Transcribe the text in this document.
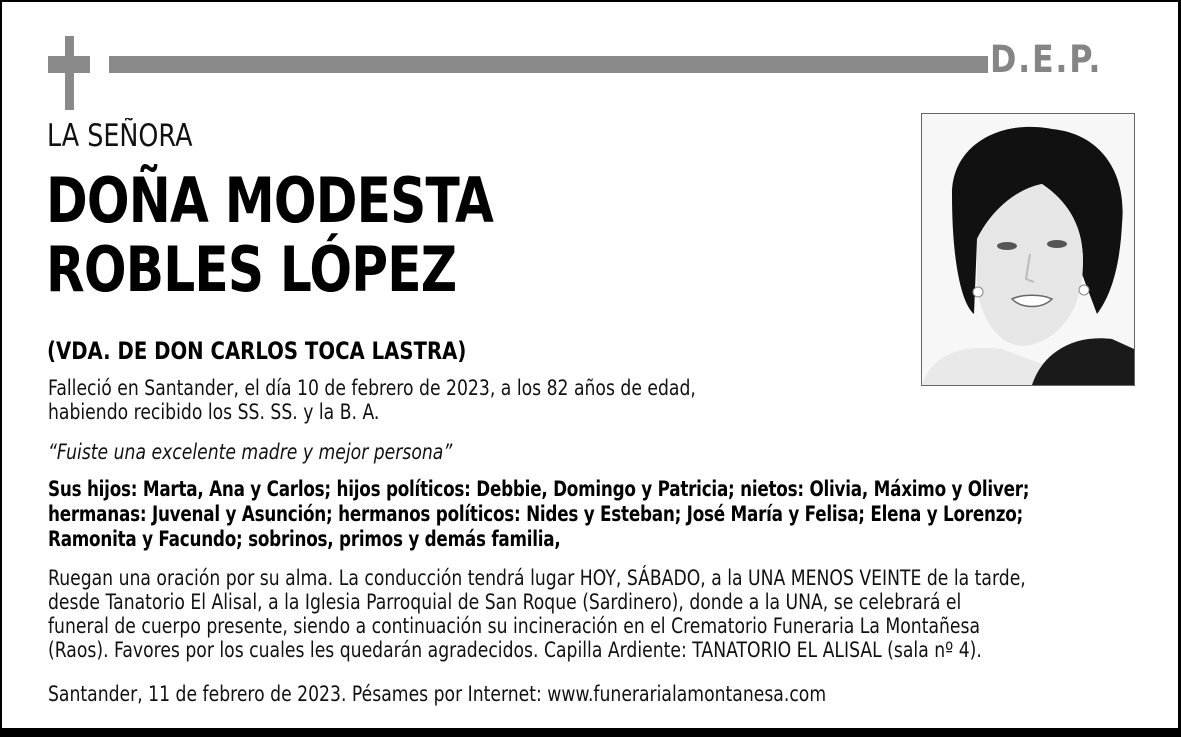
D.E.P.
LA SEÑORA
DOÑA MODESTA
ROBLES LÓPEZ
(VDA. DE DON CARLOS TOCA LASTRA)
Falleció en Santander, el día 10 de febrero de 2023, a los 82 años de edad,
habiendo recibido los SS. SS. y la B. A.
“Fuiste una excelente madre y mejor persona”
Sus hijos: Marta, Ana y Carlos; hijos políticos: Debbie, Domingo y Patricia; nietos: Olivia, Máximo y Oliver;
hermanas: Juvenal y Asunción; hermanos políticos: Nides y Esteban; José María y Felisa; Elena y Lorenzo;
Ramonita y Facundo; sobrinos, primos y demás familia,
Ruegan una oración por su alma. La conducción tendrá lugar HOY, SÁBADO, a la UNA MENOS VEINTE de la tarde,
desde Tanatorio El Alisal, a la Iglesia Parroquial de San Roque (Sardinero), donde a la UNA, se celebrará el
funeral de cuerpo presente, siendo a continuación su incineración en el Crematorio Funeraria La Montañesa
(Raos). Favores por los cuales les quedarán agradecidos. Capilla Ardiente: TANATORIO EL ALISAL (sala nº 4).
Santander, 11 de febrero de 2023. Pésames por Internet: www.funerarialamontanesa.com
